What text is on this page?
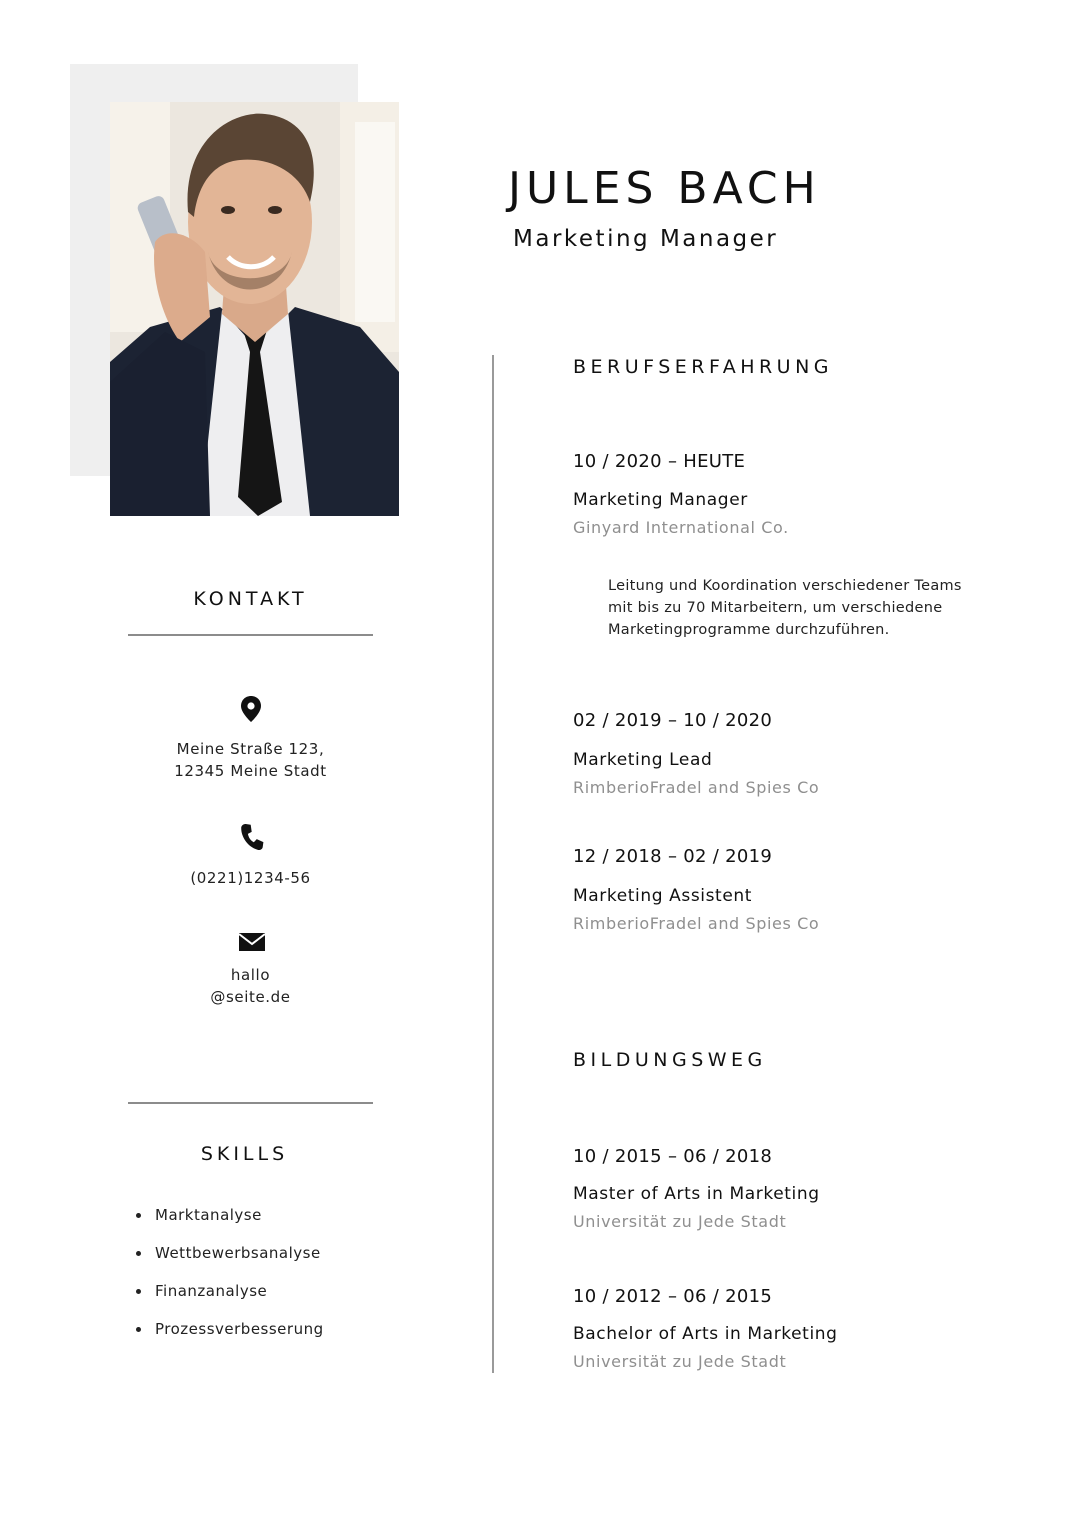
JULES BACH
Marketing Manager
KONTAKT
Meine Straße 123,
12345 Meine Stadt
(0221)1234-56
hallo
@seite.de
SKILLS
Marktanalyse
Wettbewerbsanalyse
Finanzanalyse
Prozessverbesserung
BERUFSERFAHRUNG
10 / 2020 – HEUTE
Marketing Manager
Ginyard International Co.
Leitung und Koordination verschiedener Teams mit bis zu 70 Mitarbeitern, um verschiedene Marketingprogramme durchzuführen.
02 / 2019 – 10 / 2020
Marketing Lead
RimberioFradel and Spies Co
12 / 2018 – 02 / 2019
Marketing Assistent
RimberioFradel and Spies Co
BILDUNGSWEG
10 / 2015 – 06 / 2018
Master of Arts in Marketing
Universität zu Jede Stadt
10 / 2012 – 06 / 2015
Bachelor of Arts in Marketing
Universität zu Jede Stadt
